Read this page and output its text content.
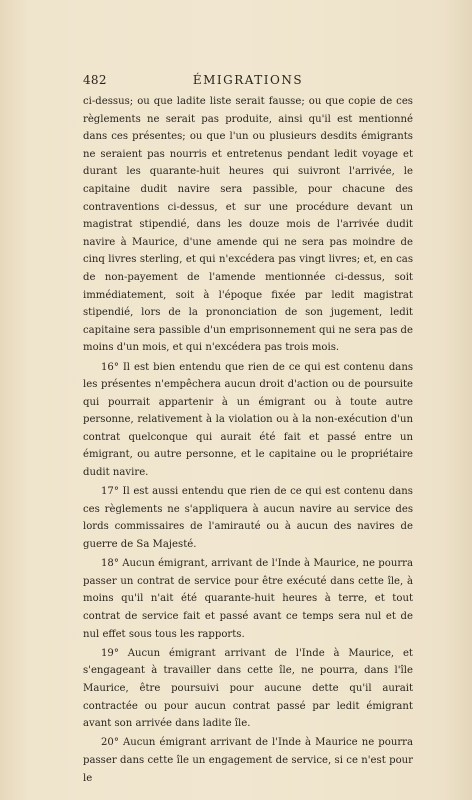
482	ÉMIGRATIONS

ci-dessus; ou que ladite liste serait fausse; ou que copie de ces règlements ne serait pas produite, ainsi qu'il est mentionné dans ces présentes; ou que l'un ou plusieurs desdits émigrants ne seraient pas nourris et entretenus pendant ledit voyage et durant les quarante-huit heures qui suivront l'arrivée, le capitaine dudit navire sera passible, pour chacune des contraventions ci-dessus, et sur une procédure devant un magistrat stipendié, dans les douze mois de l'arrivée dudit navire à Maurice, d'une amende qui ne sera pas moindre de cinq livres sterling, et qui n'excédera pas vingt livres; et, en cas de non-payement de l'amende mentionnée ci-dessus, soit immédiatement, soit à l'époque fixée par ledit magistrat stipendié, lors de la prononciation de son jugement, ledit capitaine sera passible d'un emprisonnement qui ne sera pas de moins d'un mois, et qui n'excédera pas trois mois.

16° Il est bien entendu que rien de ce qui est contenu dans les présentes n'empêchera aucun droit d'action ou de poursuite qui pourrait appartenir à un émigrant ou à toute autre personne, relativement à la violation ou à la non-exécution d'un contrat quelconque qui aurait été fait et passé entre un émigrant, ou autre personne, et le capitaine ou le propriétaire dudit navire.

17° Il est aussi entendu que rien de ce qui est contenu dans ces règlements ne s'appliquera à aucun navire au service des lords commissaires de l'amirauté ou à aucun des navires de guerre de Sa Majesté.

18° Aucun émigrant, arrivant de l'Inde à Maurice, ne pourra passer un contrat de service pour être exécuté dans cette île, à moins qu'il n'ait été quarante-huit heures à terre, et tout contrat de service fait et passé avant ce temps sera nul et de nul effet sous tous les rapports.

19° Aucun émigrant arrivant de l'Inde à Maurice, et s'engageant à travailler dans cette île, ne pourra, dans l'île Maurice, être poursuivi pour aucune dette qu'il aurait contractée ou pour aucun contrat passé par ledit émigrant avant son arrivée dans ladite île.

20° Aucun émigrant arrivant de l'Inde à Maurice ne pourra passer dans cette île un engagement de service, si ce n'est pour le
